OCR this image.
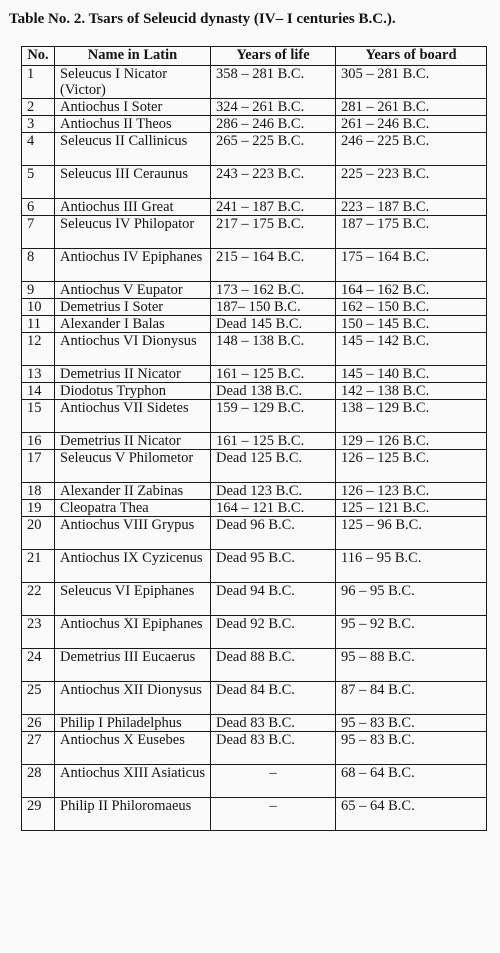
Table No. 2. Tsars of Seleucid dynasty (IV– I centuries B.C.).
No.	Name in Latin	Years of life	Years of board
1	Seleucus I Nicator (Victor)	358 – 281 B.C.	305 – 281 B.C.
2	Antiochus I Soter	324 – 261 B.C.	281 – 261 B.C.
3	Antiochus II Theos	286 – 246 B.C.	261 – 246 B.C.
4	Seleucus II Callinicus	265 – 225 B.C.	246 – 225 B.C.
5	Seleucus III Ceraunus	243 – 223 B.C.	225 – 223 B.C.
6	Antiochus III Great	241 – 187 B.C.	223 – 187 B.C.
7	Seleucus IV Philopator	217 – 175 B.C.	187 – 175 B.C.
8	Antiochus IV Epiphanes	215 – 164 B.C.	175 – 164 B.C.
9	Antiochus V Eupator	173 – 162 B.C.	164 – 162 B.C.
10	Demetrius I Soter	187– 150 B.C.	162 – 150 B.C.
11	Alexander I Balas	Dead 145 B.C.	150 – 145 B.C.
12	Antiochus VI Dionysus	148 – 138 B.C.	145 – 142 B.C.
13	Demetrius II Nicator	161 – 125 B.C.	145 – 140 B.C.
14	Diodotus Tryphon	Dead 138 B.C.	142 – 138 B.C.
15	Antiochus VII Sidetes	159 – 129 B.C.	138 – 129 B.C.
16	Demetrius II Nicator	161 – 125 B.C.	129 – 126 B.C.
17	Seleucus V Philometor	Dead 125 B.C.	126 – 125 B.C.
18	Alexander II Zabinas	Dead 123 B.C.	126 – 123 B.C.
19	Cleopatra Thea	164 – 121 B.C.	125 – 121 B.C.
20	Antiochus VIII Grypus	Dead 96 B.C.	125 – 96 B.C.
21	Antiochus IX Cyzicenus	Dead 95 B.C.	116 – 95 B.C.
22	Seleucus VI Epiphanes	Dead 94 B.C.	96 – 95 B.C.
23	Antiochus XI Epiphanes	Dead 92 B.C.	95 – 92 B.C.
24	Demetrius III Eucaerus	Dead 88 B.C.	95 – 88 B.C.
25	Antiochus XII Dionysus	Dead 84 B.C.	87 – 84 B.C.
26	Philip I Philadelphus	Dead 83 B.C.	95 – 83 B.C.
27	Antiochus X Eusebes	Dead 83 B.C.	95 – 83 B.C.
28	Antiochus XIII Asiaticus	–	68 – 64 B.C.
29	Philip II Philoromaeus	–	65 – 64 B.C.
